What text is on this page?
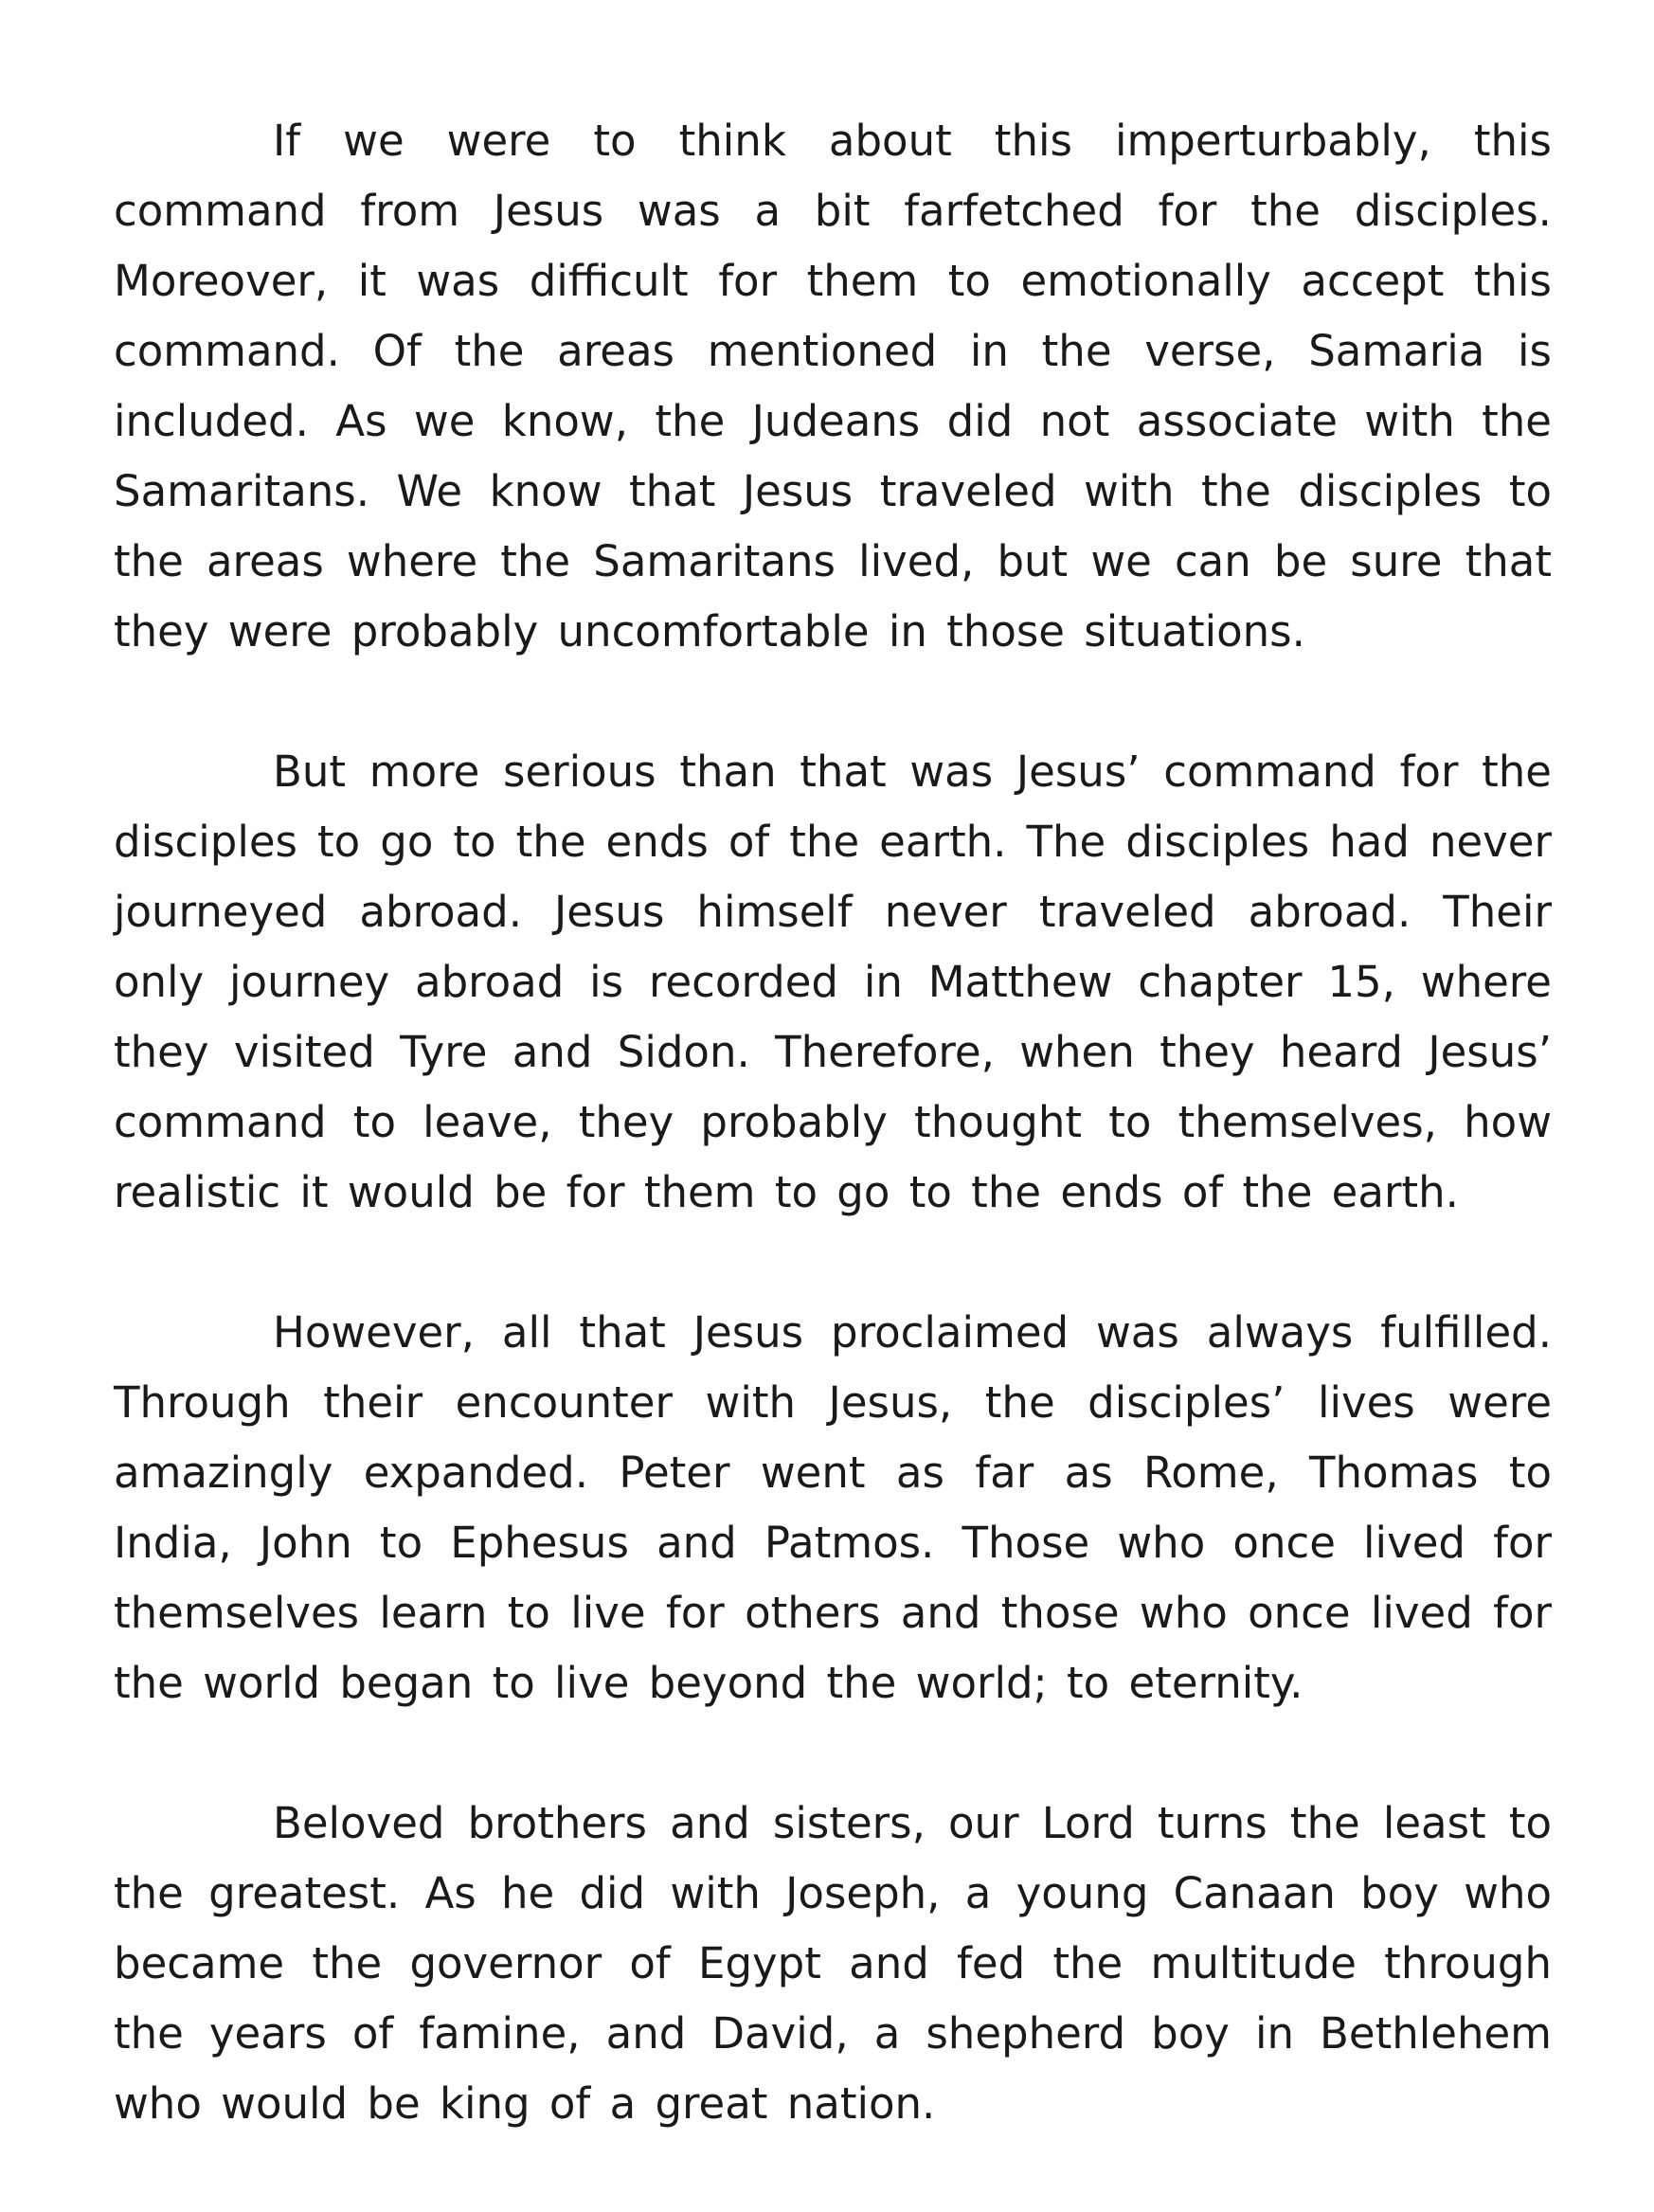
If we were to think about this imperturbably, this command from Jesus was a bit farfetched for the disciples. Moreover, it was difficult for them to emotionally accept this command. Of the areas mentioned in the verse, Samaria is included. As we know, the Judeans did not associate with the Samaritans. We know that Jesus traveled with the disciples to the areas where the Samaritans lived, but we can be sure that they were probably uncomfortable in those situations.

But more serious than that was Jesus’ command for the disciples to go to the ends of the earth. The disciples had never journeyed abroad. Jesus himself never traveled abroad. Their only journey abroad is recorded in Matthew chapter 15, where they visited Tyre and Sidon. Therefore, when they heard Jesus’ command to leave, they probably thought to themselves, how realistic it would be for them to go to the ends of the earth.

However, all that Jesus proclaimed was always fulfilled. Through their encounter with Jesus, the disciples’ lives were amazingly expanded. Peter went as far as Rome, Thomas to India, John to Ephesus and Patmos. Those who once lived for themselves learn to live for others and those who once lived for the world began to live beyond the world; to eternity.

Beloved brothers and sisters, our Lord turns the least to the greatest. As he did with Joseph, a young Canaan boy who became the governor of Egypt and fed the multitude through the years of famine, and David, a shepherd boy in Bethlehem who would be king of a great nation.
